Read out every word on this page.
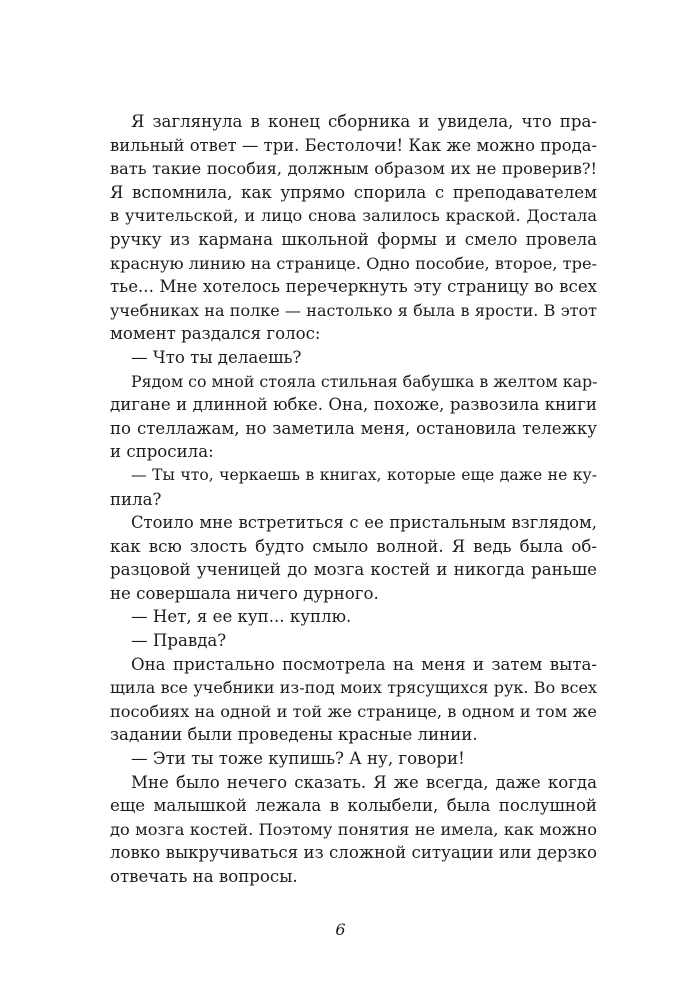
Я заглянула в конец сборника и увидела, что пра-
вильный ответ — три. Бестолочи! Как же можно прода-
вать такие пособия, должным образом их не проверив?!
Я вспомнила, как упрямо спорила с преподавателем
в учительской, и лицо снова залилось краской. Достала
ручку из кармана школьной формы и смело провела
красную линию на странице. Одно пособие, второе, тре-
тье... Мне хотелось перечеркнуть эту страницу во всех
учебниках на полке — настолько я была в ярости. В этот
момент раздался голос:
— Что ты делаешь?
Рядом со мной стояла стильная бабушка в желтом кар-
дигане и длинной юбке. Она, похоже, развозила книги
по стеллажам, но заметила меня, остановила тележку
и спросила:
— Ты что, черкаешь в книгах, которые еще даже не ку-
пила?
Стоило мне встретиться с ее пристальным взглядом,
как всю злость будто смыло волной. Я ведь была об-
разцовой ученицей до мозга костей и никогда раньше
не совершала ничего дурного.
— Нет, я ее куп... куплю.
— Правда?
Она пристально посмотрела на меня и затем выта-
щила все учебники из-под моих трясущихся рук. Во всех
пособиях на одной и той же странице, в одном и том же
задании были проведены красные линии.
— Эти ты тоже купишь? А ну, говори!
Мне было нечего сказать. Я же всегда, даже когда
еще малышкой лежала в колыбели, была послушной
до мозга костей. Поэтому понятия не имела, как можно
ловко выкручиваться из сложной ситуации или дерзко
отвечать на вопросы.
6
